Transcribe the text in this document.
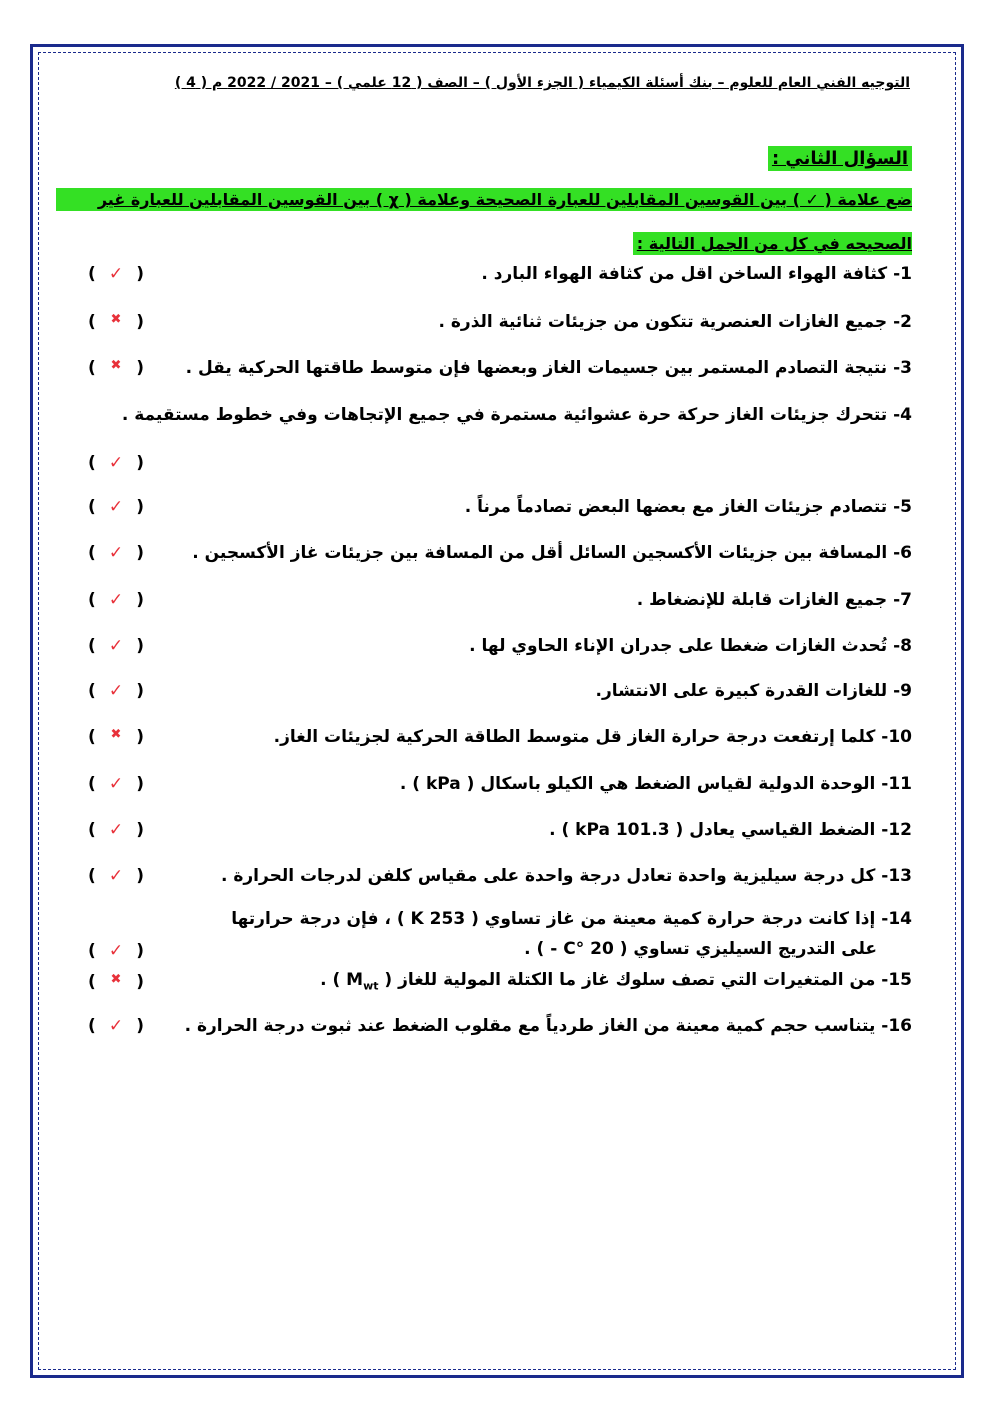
التوجيه الفني العام للعلوم – بنك أسئلة الكيمياء ( الجزء الأول ) – الصف ( 12 علمي ) – 2021 / 2022 م ( 4 )
السؤال الثاني :
ضع علامة ( ✓ ) بين القوسين المقابلين للعبارة الصحيحة وعلامة ( χ ) بين القوسين المقابلين للعبارة غير
الصحيحه في كل من الجمل التالية :
1- كثافة الهواء الساخن اقل من كثافة الهواء البارد .
( ✓ )
2- جميع الغازات العنصرية تتكون من جزيئات ثنائية الذرة .
( ✖ )
3- نتيجة التصادم المستمر بين جسيمات الغاز وبعضها فإن متوسط طاقتها الحركية يقل .
( ✖ )
4- تتحرك جزيئات الغاز حركة حرة عشوائية مستمرة في جميع الإتجاهات وفي خطوط مستقيمة .
( ✓ )
5- تتصادم جزيئات الغاز مع بعضها البعض تصادماً مرناً .
( ✓ )
6- المسافة بين جزيئات الأكسجين السائل أقل من المسافة بين جزيئات غاز الأكسجين .
( ✓ )
7- جميع الغازات قابلة للإنضغاط .
( ✓ )
8- تُحدث الغازات ضغطا على جدران الإناء الحاوي لها .
( ✓ )
9- للغازات القدرة كبيرة على الانتشار.
( ✓ )
10- كلما إرتفعت درجة حرارة الغاز قل متوسط الطاقة الحركية لجزيئات الغاز.
( ✖ )
11- الوحدة الدولية لقياس الضغط هي الكيلو باسكال ( kPa ) .
( ✓ )
12- الضغط القياسي يعادل ( 101.3 kPa ) .
( ✓ )
13- كل درجة سيليزية واحدة تعادل درجة واحدة على مقياس كلفن لدرجات الحرارة .
( ✓ )
14- إذا كانت درجة حرارة كمية معينة من غاز تساوي ( 253 K ) ، فإن درجة حرارتها
على التدريج السيليزي تساوي ( 20 °C - ) .
( ✓ )
15- من المتغيرات التي تصف سلوك غاز ما الكتلة المولية للغاز ( $M_{wt}$ ) .
( ✖ )
16- يتناسب حجم كمية معينة من الغاز طردياً مع مقلوب الضغط عند ثبوت درجة الحرارة .
( ✓ )
